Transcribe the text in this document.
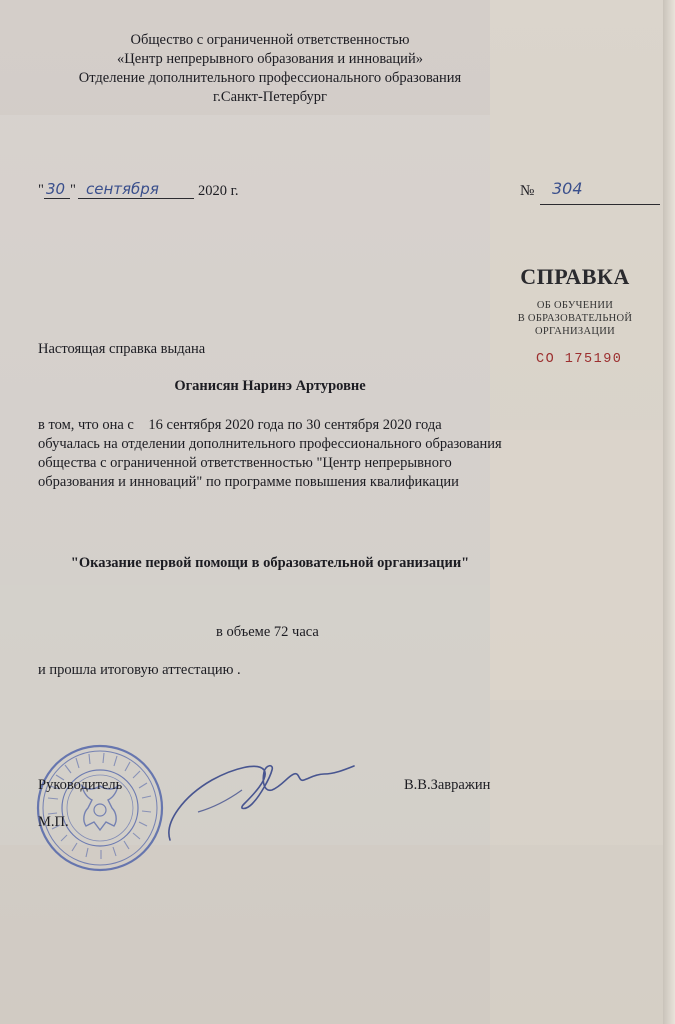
Общество с ограниченной ответственностью
«Центр непрерывного образования и инноваций»
Отделение дополнительного профессионального образования
г.Санкт-Петербург
" 30 " сентября	2020 г.	№ 304
СПРАВКА
ОБ ОБУЧЕНИИ
В ОБРАЗОВАТЕЛЬНОЙ
ОРГАНИЗАЦИИ
СО 175190
Настоящая справка выдана
Оганисян Наринэ Артуровне
в том, что она с    16 сентября 2020 года по 30 сентября 2020 года
обучалась на отделении дополнительного профессионального образования
общества с ограниченной ответственностью "Центр непрерывного
образования и инноваций" по программе повышения квалификации
"Оказание первой помощи в образовательной организации"
в объеме 72 часа
и прошла итоговую аттестацию .
Руководитель	В.В.Завражин
М.П.
